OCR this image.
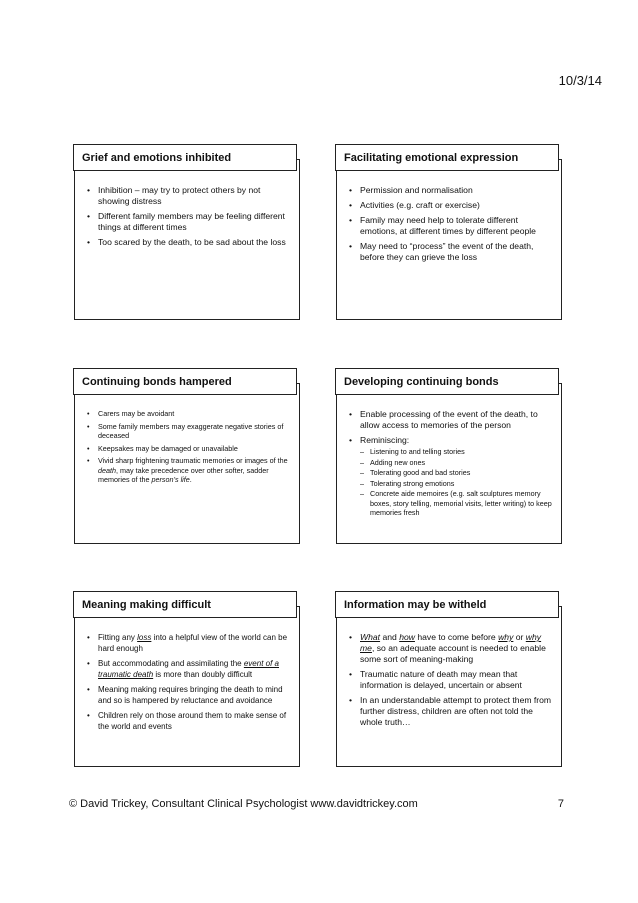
10/3/14
Grief and emotions inhibited
• Inhibition – may try to protect others by not showing distress
• Different family members may be feeling different things at different times
• Too scared by the death, to be sad about the loss
Facilitating emotional expression
• Permission and normalisation
• Activities (e.g. craft or exercise)
• Family may need help to tolerate different emotions, at different times by different people
• May need to “process” the event of the death, before they can grieve the loss
Continuing bonds hampered
• Carers may be avoidant
• Some family members may exaggerate negative stories of deceased
• Keepsakes may be damaged or unavailable
• Vivid sharp frightening traumatic memories or images of the death, may take precedence over other softer, sadder memories of the person’s life.
Developing continuing bonds
• Enable processing of the event of the death, to allow access to memories of the person
• Reminiscing:
– Listening to and telling stories
– Adding new ones
– Tolerating good and bad stories
– Tolerating strong emotions
– Concrete aide memoires (e.g. salt sculptures memory boxes, story telling, memorial visits, letter writing) to keep memories fresh
Meaning making difficult
• Fitting any loss into a helpful view of the world can be hard enough
• But accommodating and assimilating the event of a traumatic death is more than doubly difficult
• Meaning making requires bringing the death to mind and so is hampered by reluctance and avoidance
• Children rely on those around them to make sense of the world and events
Information may be witheld
• What and how have to come before why or why me, so an adequate account is needed to enable some sort of meaning-making
• Traumatic nature of death may mean that information is delayed, uncertain or absent
• In an understandable attempt to protect them from further distress, children are often not told the whole truth…
© David Trickey, Consultant Clinical Psychologist www.davidtrickey.com	7
